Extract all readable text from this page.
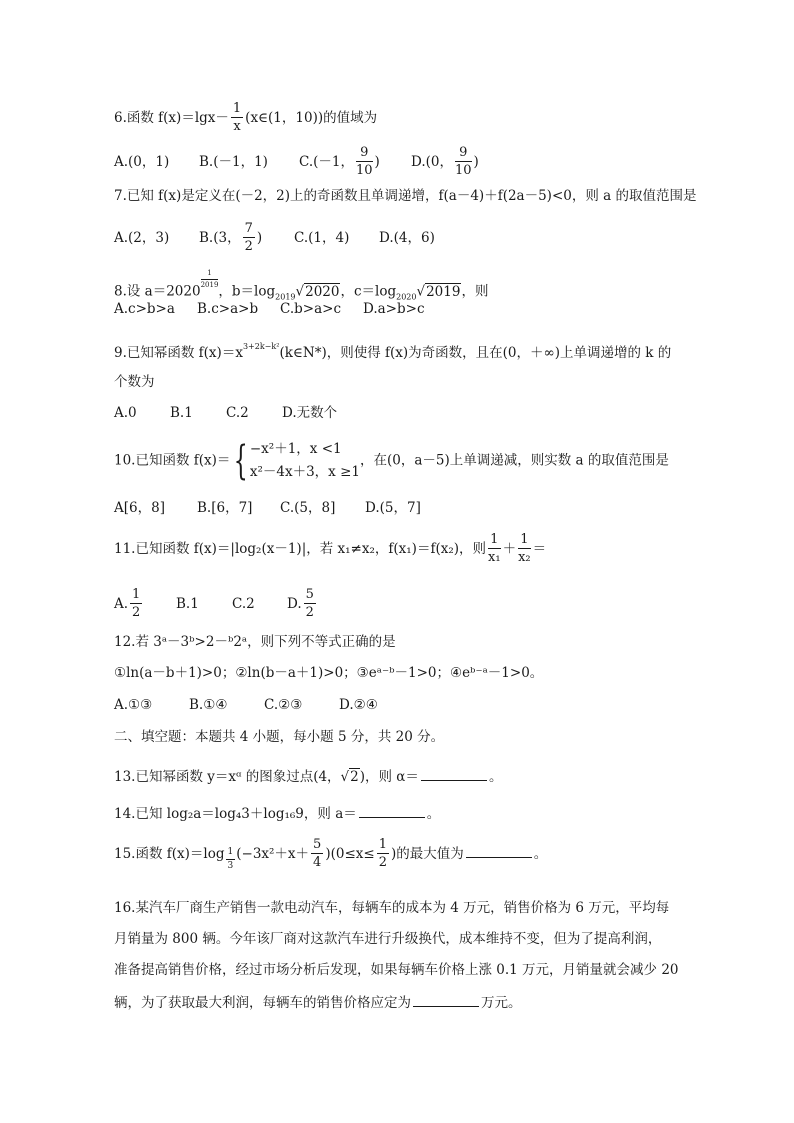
6.函数 $f(x)=\lg x- \frac{1}{x}$ (x∈(1，10))的值域为
A.(0，1) B.(－1，1) C.(－1， $\frac{9}{10}$ ) D.(0， $\frac{9}{10}$ )
7.已知 f(x)是定义在(－2，2)上的奇函数且单调递增，f(a－4)＋f(2a－5)<0，则 a 的取值范围是
A.(2，3) B.(3， $\frac{7}{2}$ ) C.(1，4) D.(4，6)
8.设 a＝2020
$\frac{1}{2019}$
，$b=\log_{2019}√2020$，$c=\log_{2020}√2019$，则
A.c>b>a B.c>a>b C.b>a>c D.a>b>c
9.已知幂函数 $f(x)=x^{3+2k-k^2}(k\in N*)$，则使得 f(x)为奇函数，且在(0，＋∞)上单调递增的 k 的
个数为
A.0 B.1 C.2 D.无数个
10.已知函数 f(x)＝{ −x²＋1，x <1
x²－4x＋3，x ≥1
，在(0，a－5)上单调递减，则实数 a 的取值范围是
A[6，8] B.[6，7] C.(5，8] D.(5，7]
11.已知函数 f(x)＝|log₂(x－1)|，若 x₁≠x₂，f(x₁)＝f(x₂)，则 $\frac{1}{\text{x₁}} + \frac{1}{\text{x₂}}$ ＝
A. $\frac{1}{2} B.1$ C.2 D. $\frac{5}{2}$
12.若 3ᵃ－3ᵇ>2－ᵇ2ᵃ，则下列不等式正确的是
①ln(a－b＋1)>0；②ln(b－a＋1)>0；③eᵃ⁻ᵇ－1>0；④eᵇ⁻ᵃ－1>0。
A.①③	B.①④	C.②③	D.②④
二、填空题：本题共 4 小题，每小题 5 分，共 20 分。
13.已知幂函数 y＝xᵅ 的图象过点(4，√2)，则 α＝	。
14.已知 log₂a＝log₄3＋log₁₆9，则 a＝	。
15.函数 $f(x)=\log \frac{1}{3} (-3x^2+x+ \frac{5}{4} )(0\le x\le \frac{1}{2}$ )的最大值为	。
16.某汽车厂商生产销售一款电动汽车，每辆车的成本为 4 万元，销售价格为 6 万元，平均每
月销量为 800 辆。今年该厂商对这款汽车进行升级换代，成本维持不变，但为了提高利润，
准备提高销售价格，经过市场分析后发现，如果每辆车价格上涨 0.1 万元，月销量就会减少 20
辆，为了获取最大利润，每辆车的销售价格应定为	万元。
